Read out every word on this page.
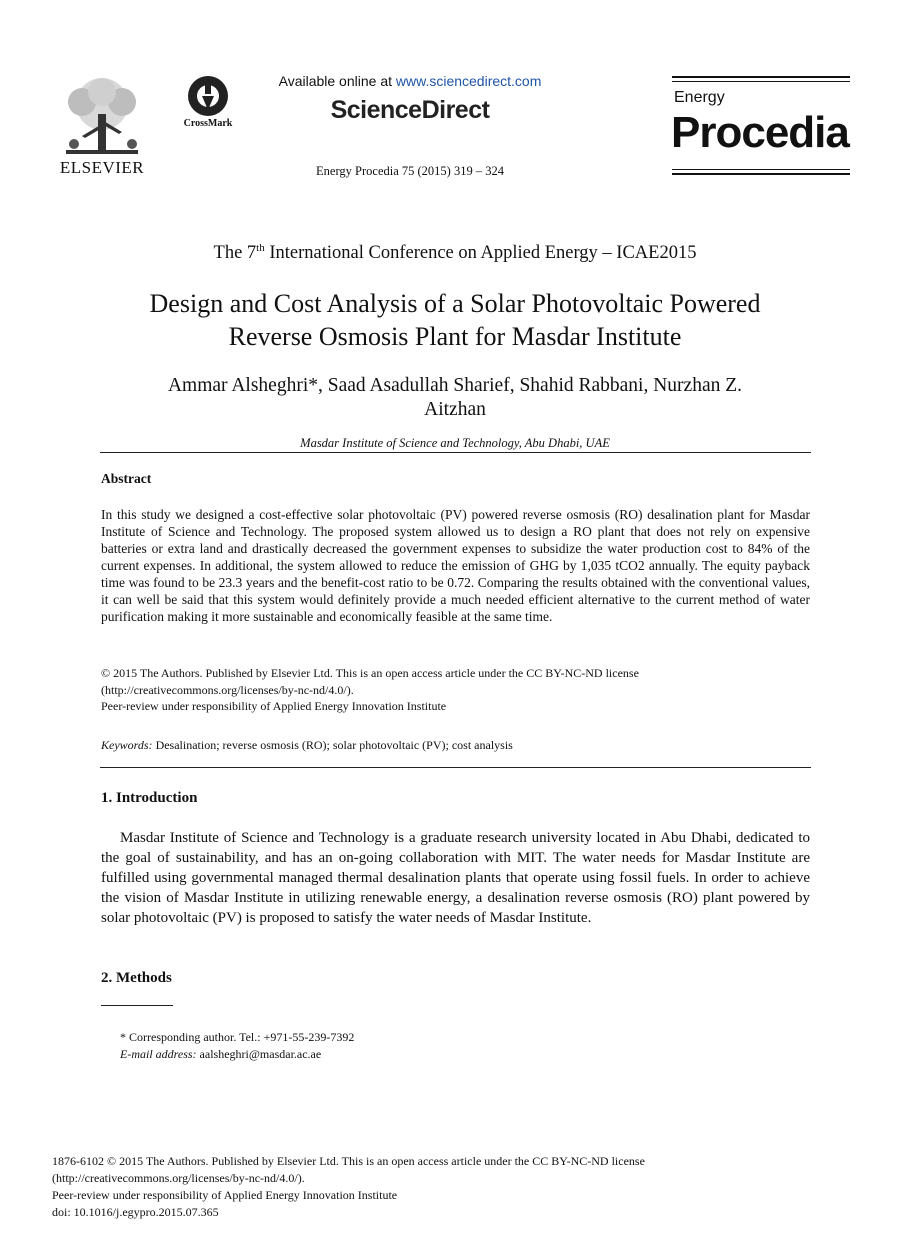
ELSEVIER
CrossMark
Available online at www.sciencedirect.com
ScienceDirect
Energy Procedia 75 (2015) 319 – 324
Energy
Procedia
The 7th International Conference on Applied Energy – ICAE2015
Design and Cost Analysis of a Solar Photovoltaic Powered
Reverse Osmosis Plant for Masdar Institute
Ammar Alsheghri*, Saad Asadullah Sharief, Shahid Rabbani, Nurzhan Z.
Aitzhan
Masdar Institute of Science and Technology, Abu Dhabi, UAE
Abstract
In this study we designed a cost-effective solar photovoltaic (PV) powered reverse osmosis (RO) desalination plant for Masdar Institute of Science and Technology. The proposed system allowed us to design a RO plant that does not rely on expensive batteries or extra land and drastically decreased the government expenses to subsidize the water production cost to 84% of the current expenses. In additional, the system allowed to reduce the emission of GHG by 1,035 tCO2 annually. The equity payback time was found to be 23.3 years and the benefit-cost ratio to be 0.72. Comparing the results obtained with the conventional values, it can well be said that this system would definitely provide a much needed efficient alternative to the current method of water purification making it more sustainable and economically feasible at the same time.
© 2015 The Authors. Published by Elsevier Ltd. This is an open access article under the CC BY-NC-ND license
(http://creativecommons.org/licenses/by-nc-nd/4.0/).
Peer-review under responsibility of Applied Energy Innovation Institute
Keywords: Desalination; reverse osmosis (RO); solar photovoltaic (PV); cost analysis
1. Introduction
Masdar Institute of Science and Technology is a graduate research university located in Abu Dhabi, dedicated to the goal of sustainability, and has an on-going collaboration with MIT. The water needs for Masdar Institute are fulfilled using governmental managed thermal desalination plants that operate using fossil fuels. In order to achieve the vision of Masdar Institute in utilizing renewable energy, a desalination reverse osmosis (RO) plant powered by solar photovoltaic (PV) is proposed to satisfy the water needs of Masdar Institute.
2. Methods
* Corresponding author. Tel.: +971-55-239-7392
E-mail address: aalsheghri@masdar.ac.ae
1876-6102 © 2015 The Authors. Published by Elsevier Ltd. This is an open access article under the CC BY-NC-ND license
(http://creativecommons.org/licenses/by-nc-nd/4.0/).
Peer-review under responsibility of Applied Energy Innovation Institute
doi: 10.1016/j.egypro.2015.07.365
